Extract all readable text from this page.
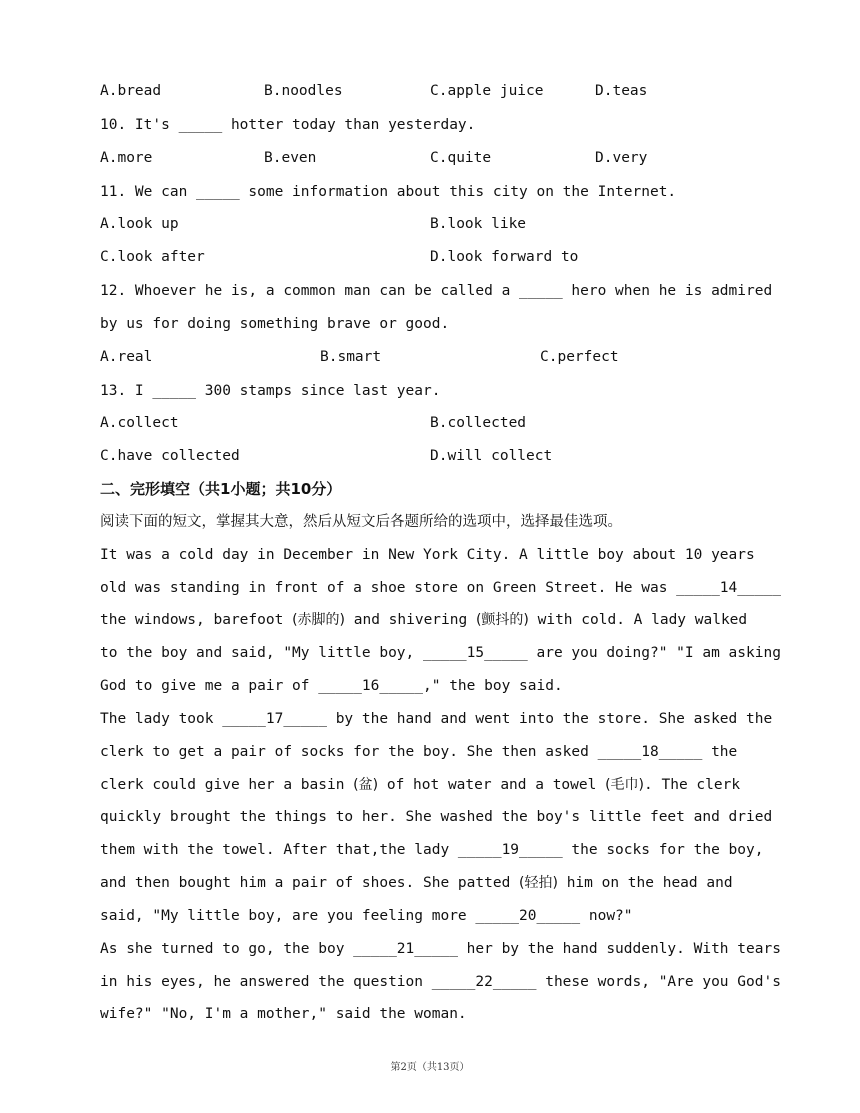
A.bread	B.noodles	C.apple juice	D.teas
10. It's _____ hotter today than yesterday.
A.more	B.even	C.quite	D.very
11. We can _____ some information about this city on the Internet.
A.look up	B.look like
C.look after	D.look forward to
12. Whoever he is, a common man can be called a _____ hero when he is admired
by us for doing something brave or good.
A.real	B.smart	C.perfect
13. I _____ 300 stamps since last year.
A.collect	B.collected
C.have collected	D.will collect
二、完形填空（共1小题；共10分）
阅读下面的短文，掌握其大意，然后从短文后各题所给的选项中，选择最佳选项。
It was a cold day in December in New York City. A little boy about 10 years
old was standing in front of a shoe store on Green Street. He was _____14_____
the windows, barefoot (赤脚的) and shivering (颤抖的) with cold. A lady walked
to the boy and said, "My little boy, _____15_____ are you doing?" "I am asking
God to give me a pair of _____16_____," the boy said.
The lady took _____17_____ by the hand and went into the store. She asked the
clerk to get a pair of socks for the boy. She then asked _____18_____ the
clerk could give her a basin (盆) of hot water and a towel (毛巾). The clerk
quickly brought the things to her. She washed the boy's little feet and dried
them with the towel. After that,the lady _____19_____ the socks for the boy,
and then bought him a pair of shoes. She patted (轻拍) him on the head and
said, "My little boy, are you feeling more _____20_____ now?"
As she turned to go, the boy _____21_____ her by the hand suddenly. With tears
in his eyes, he answered the question _____22_____ these words, "Are you God's
wife?" "No, I'm a mother," said the woman.
第2页（共13页）
